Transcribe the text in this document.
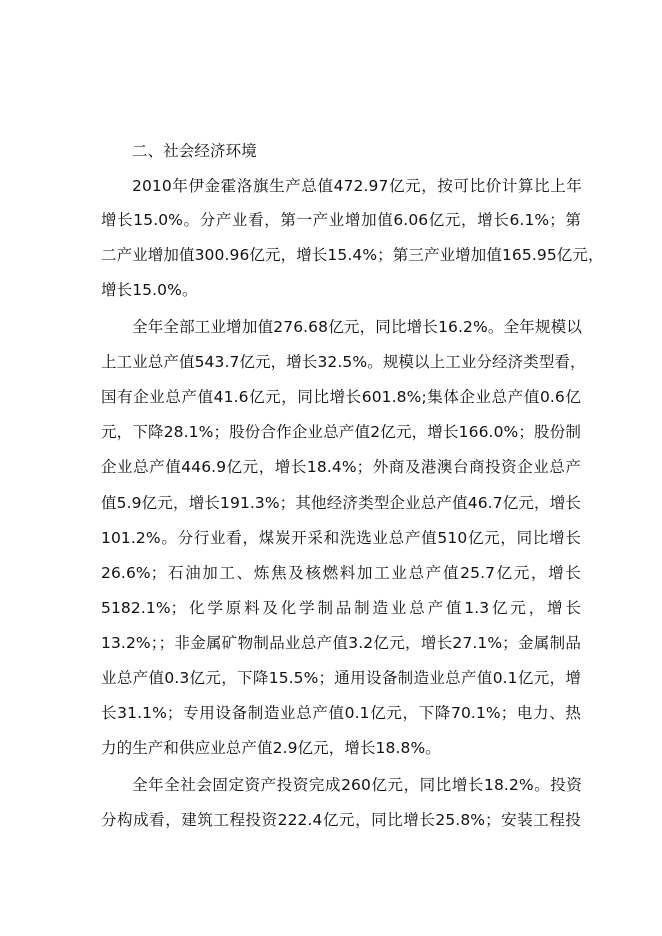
二、社会经济环境
2010年伊金霍洛旗生产总值472.97亿元，按可比价计算比上年
增长15.0%。分产业看，第一产业增加值6.06亿元，增长6.1%；第
二产业增加值300.96亿元，增长15.4%；第三产业增加值165.95亿元，
增长15.0%。
全年全部工业增加值276.68亿元，同比增长16.2%。全年规模以
上工业总产值543.7亿元，增长32.5%。规模以上工业分经济类型看，
国有企业总产值41.6亿元，同比增长601.8%;集体企业总产值0.6亿
元，下降28.1%；股份合作企业总产值2亿元，增长166.0%；股份制
企业总产值446.9亿元，增长18.4%；外商及港澳台商投资企业总产
值5.9亿元，增长191.3%；其他经济类型企业总产值46.7亿元，增长
101.2%。分行业看，煤炭开采和洗选业总产值510亿元，同比增长
26.6%；石油加工、炼焦及核燃料加工业总产值25.7亿元，增长
5182.1%；化学原料及化学制品制造业总产值1.3亿元，增长
13.2%；；非金属矿物制品业总产值3.2亿元，增长27.1%；金属制品
业总产值0.3亿元，下降15.5%；通用设备制造业总产值0.1亿元，增
长31.1%；专用设备制造业总产值0.1亿元，下降70.1%；电力、热
力的生产和供应业总产值2.9亿元，增长18.8%。
全年全社会固定资产投资完成260亿元，同比增长18.2%。投资
分构成看，建筑工程投资222.4亿元，同比增长25.8%；安装工程投
